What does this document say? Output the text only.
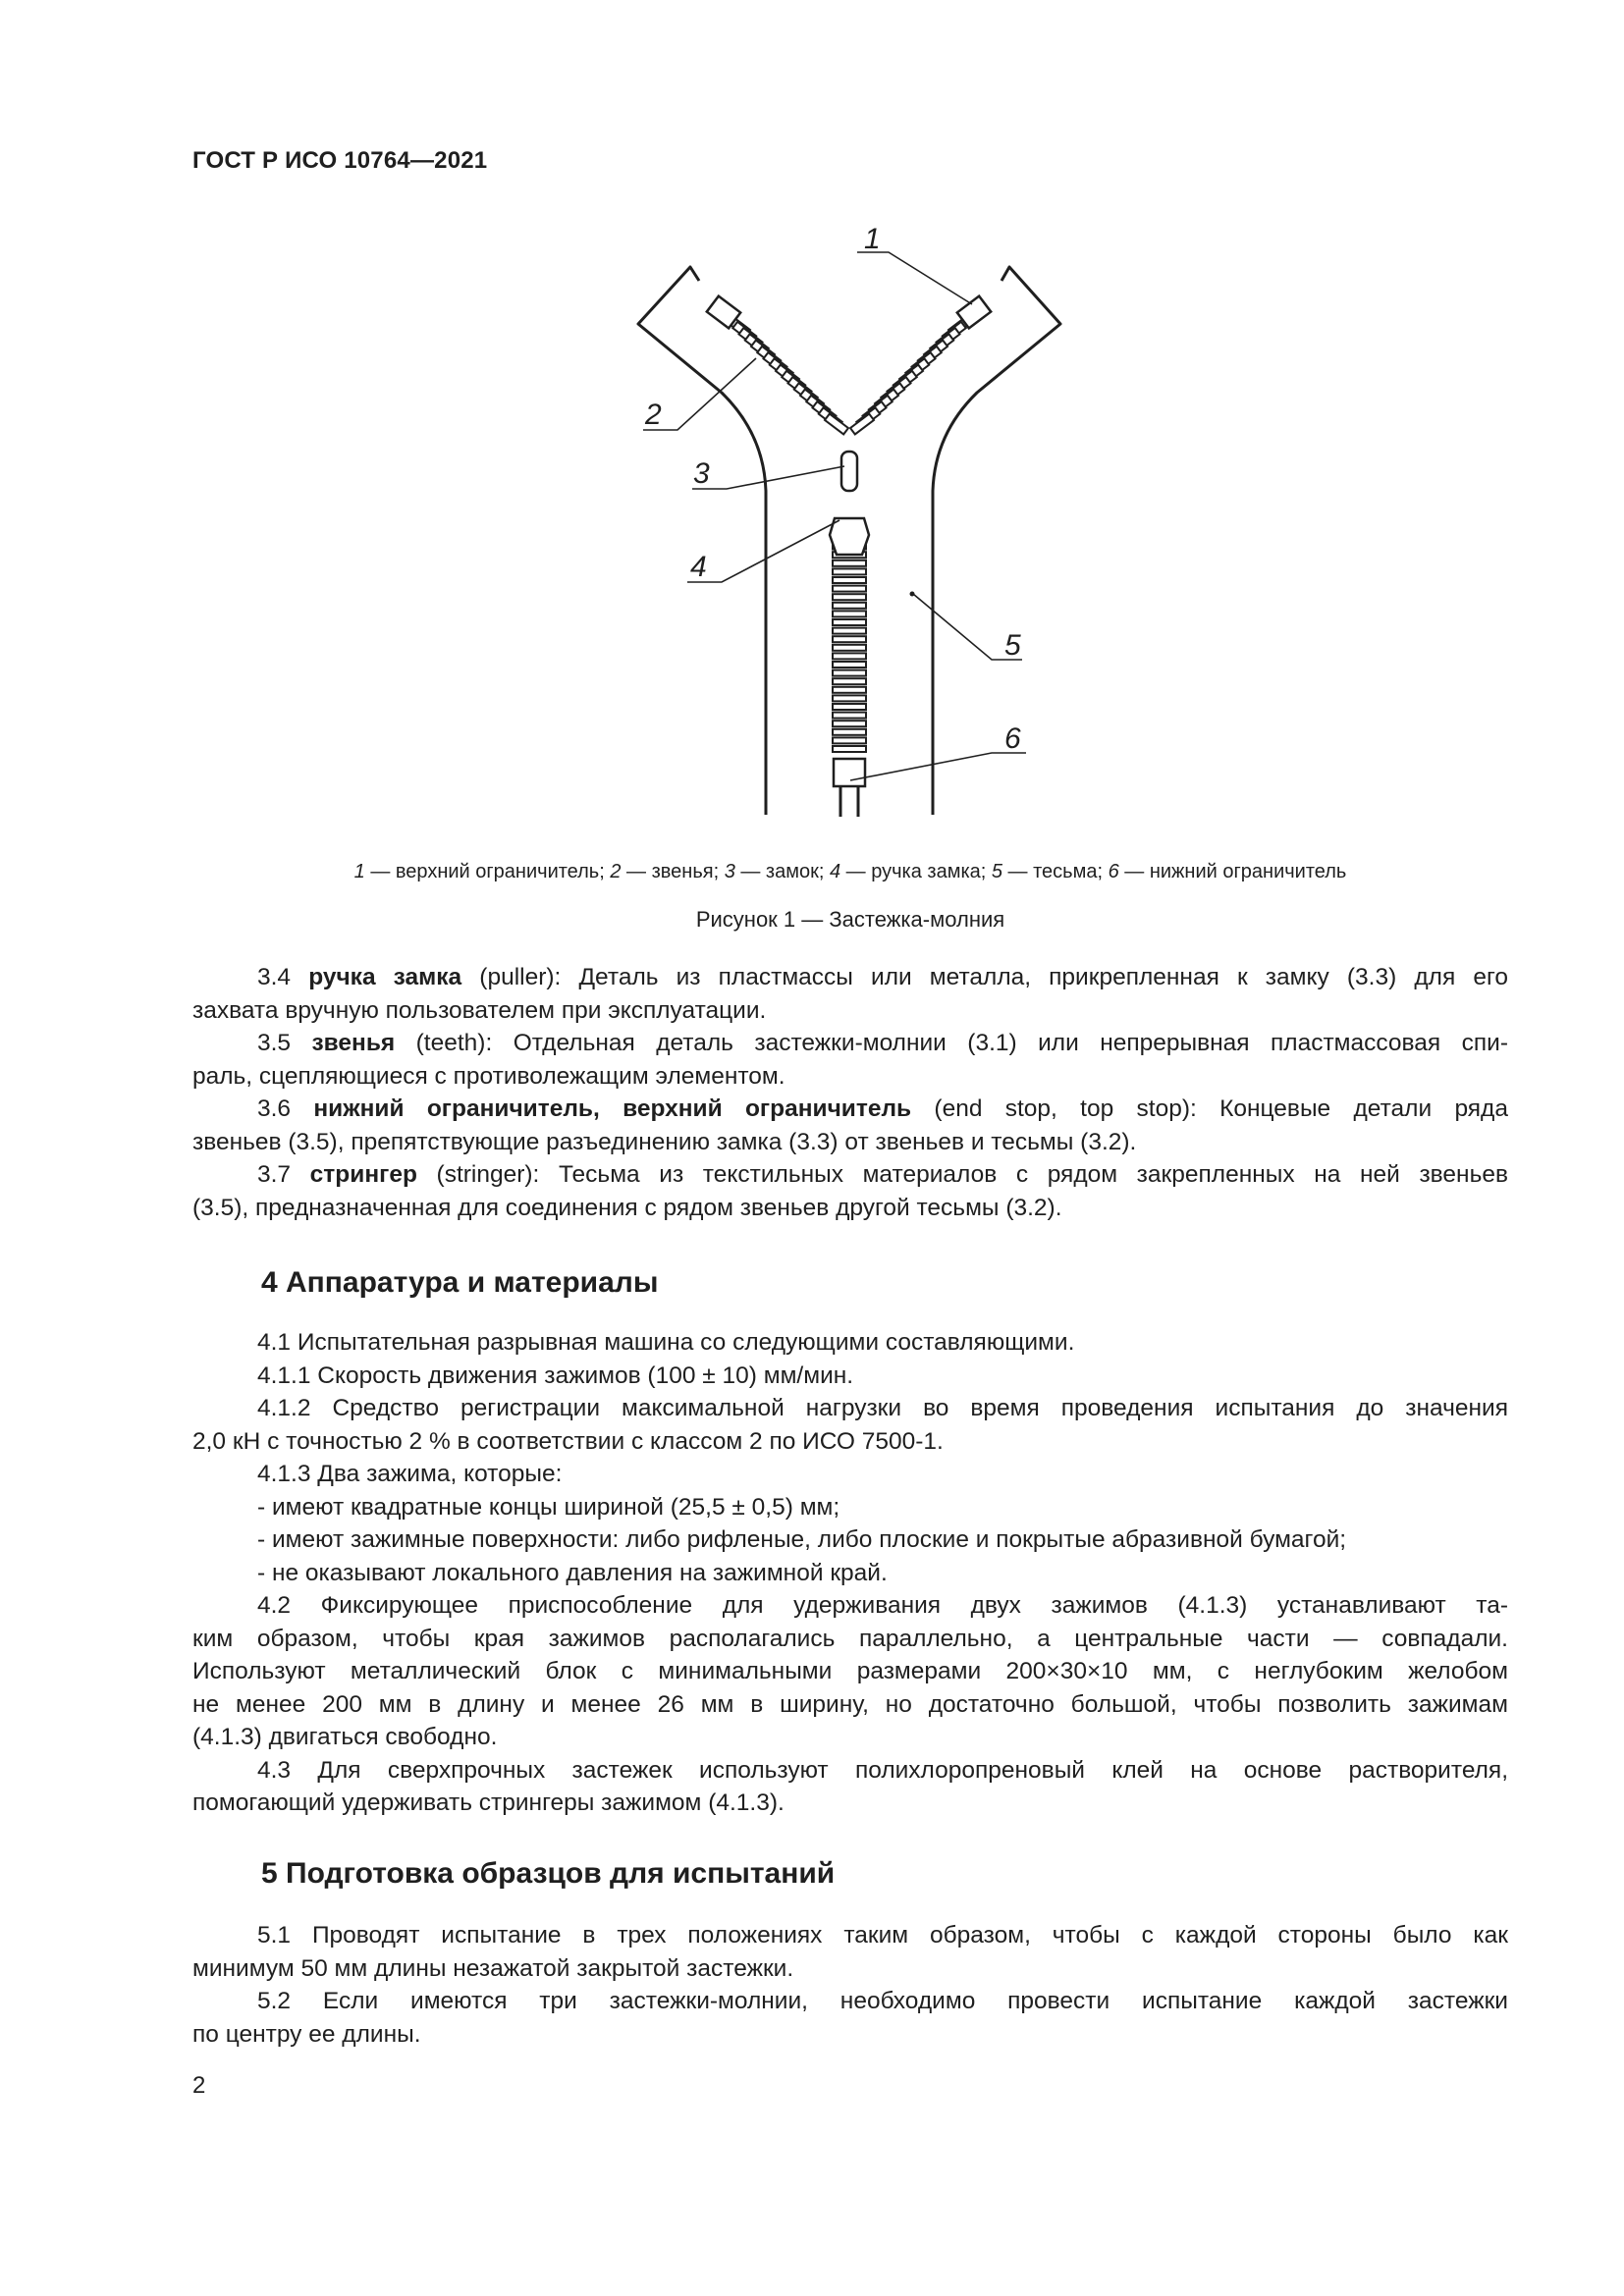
ГОСТ Р ИСО 10764—2021
1
2
3
4
5
6
1 — верхний ограничитель; 2 — звенья; 3 — замок; 4 — ручка замка; 5 — тесьма; 6 — нижний ограничитель
Рисунок 1 — Застежка-молния

3.4 ручка замка (puller): Деталь из пластмассы или металла, прикрепленная к замку (3.3) для его

захвата вручную пользователем при эксплуатации.

3.5 звенья (teeth): Отдельная деталь застежки-молнии (3.1) или непрерывная пластмассовая спи-

раль, сцепляющиеся с противолежащим элементом.

3.6 нижний ограничитель, верхний ограничитель (end stop, top stop): Концевые детали ряда

звеньев (3.5), препятствующие разъединению замка (3.3) от звеньев и тесьмы (3.2).

3.7 стрингер (stringer): Тесьма из текстильных материалов с рядом закрепленных на ней звеньев

(3.5), предназначенная для соединения с рядом звеньев другой тесьмы (3.2).

4 Аппаратура и материалы

4.1 Испытательная разрывная машина со следующими составляющими.

4.1.1 Скорость движения зажимов (100 ± 10) мм/мин.

4.1.2 Средство регистрации максимальной нагрузки во время проведения испытания до значения

2,0 кН с точностью 2 % в соответствии с классом 2 по ИСО 7500-1.

4.1.3 Два зажима, которые:

- имеют квадратные концы шириной (25,5 ± 0,5) мм;

- имеют зажимные поверхности: либо рифленые, либо плоские и покрытые абразивной бумагой;

- не оказывают локального давления на зажимной край.

4.2 Фиксирующее приспособление для удерживания двух зажимов (4.1.3) устанавливают та-

ким образом, чтобы края зажимов располагались параллельно, а центральные части — совпадали.

Используют металлический блок с минимальными размерами 200×30×10 мм, с неглубоким желобом

не менее 200 мм в длину и менее 26 мм в ширину, но достаточно большой, чтобы позволить зажимам

(4.1.3) двигаться свободно.

4.3 Для сверхпрочных застежек используют полихлоропреновый клей на основе растворителя,

помогающий удерживать стрингеры зажимом (4.1.3).

5 Подготовка образцов для испытаний

5.1 Проводят испытание в трех положениях таким образом, чтобы с каждой стороны было как

минимум 50 мм длины незажатой закрытой застежки.

5.2 Если имеются три застежки-молнии, необходимо провести испытание каждой застежки

по центру ее длины.

2
